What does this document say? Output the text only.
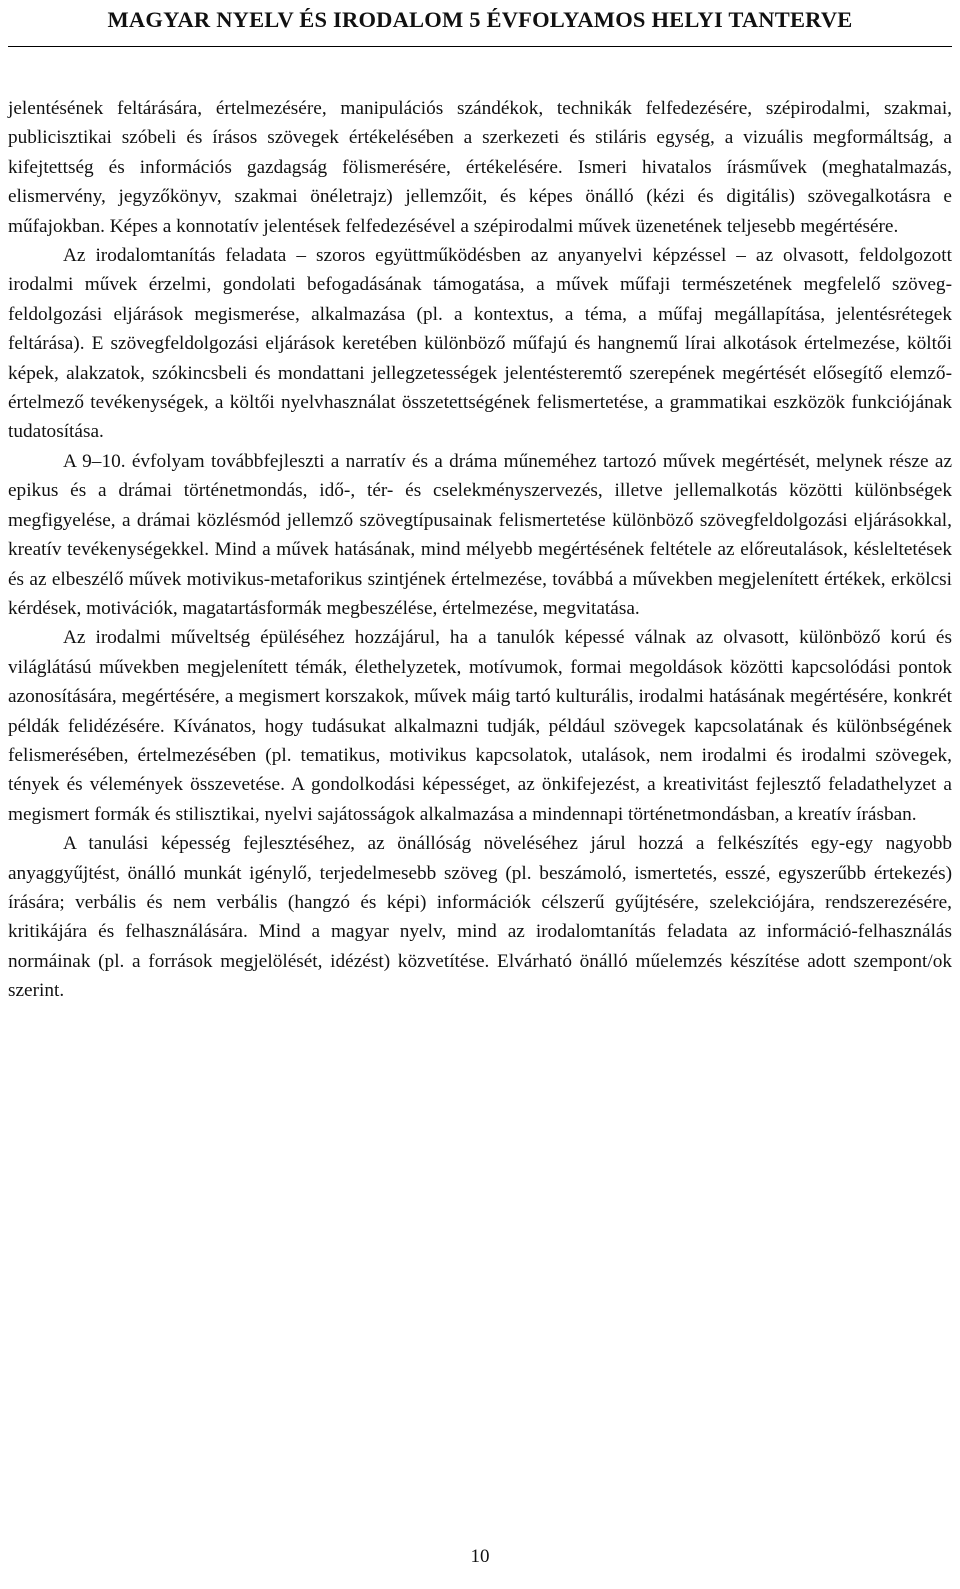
MAGYAR NYELV ÉS IRODALOM 5 ÉVFOLYAMOS HELYI TANTERVE

jelentésének feltárására, értelmezésére, manipulációs szándékok, technikák felfedezésére, szépirodalmi, szakmai, publicisztikai szóbeli és írásos szövegek értékelésében a szerkezeti és stiláris egység, a vizuális megformáltság, a kifejtettség és információs gazdagság fölismerésére, értékelésére. Ismeri hivatalos írásművek (meghatalmazás, elismervény, jegyzőkönyv, szakmai önéletrajz) jellemzőit, és képes önálló (kézi és digitális) szövegalkotásra e műfajokban. Képes a konnotatív jelentések felfedezésével a szépirodalmi művek üzenetének teljesebb megértésére.

Az irodalomtanítás feladata – szoros együttműködésben az anyanyelvi képzéssel – az olvasott, feldolgozott irodalmi művek érzelmi, gondolati befogadásának támogatása, a művek műfaji természetének megfelelő szöveg-feldolgozási eljárások megismerése, alkalmazása (pl. a kontextus, a téma, a műfaj megállapítása, jelentésrétegek feltárása). E szövegfeldolgozási eljárások keretében különböző műfajú és hangnemű lírai alkotások értelmezése, költői képek, alakzatok, szókincsbeli és mondattani jellegzetességek jelentésteremtő szerepének megértését elősegítő elemző-értelmező tevékenységek, a költői nyelvhasználat összetettségének felismertetése, a grammatikai eszközök funkciójának tudatosítása.

A 9–10. évfolyam továbbfejleszti a narratív és a dráma műneméhez tartozó művek megértését, melynek része az epikus és a drámai történetmondás, idő-, tér- és cselekményszervezés, illetve jellemalkotás közötti különbségek megfigyelése, a drámai közlésmód jellemző szövegtípusainak felismertetése különböző szövegfeldolgozási eljárásokkal, kreatív tevékenységekkel. Mind a művek hatásának, mind mélyebb megértésének feltétele az előreutalások, késleltetések és az elbeszélő művek motivikus-metaforikus szintjének értelmezése, továbbá a művekben megjelenített értékek, erkölcsi kérdések, motivációk, magatartásformák megbeszélése, értelmezése, megvitatása.

Az irodalmi műveltség épüléséhez hozzájárul, ha a tanulók képessé válnak az olvasott, különböző korú és világlátású művekben megjelenített témák, élethelyzetek, motívumok, formai megoldások közötti kapcsolódási pontok azonosítására, megértésére, a megismert korszakok, művek máig tartó kulturális, irodalmi hatásának megértésére, konkrét példák felidézésére. Kívánatos, hogy tudásukat alkalmazni tudják, például szövegek kapcsolatának és különbségének felismerésében, értelmezésében (pl. tematikus, motivikus kapcsolatok, utalások, nem irodalmi és irodalmi szövegek, tények és vélemények összevetése. A gondolkodási képességet, az önkifejezést, a kreativitást fejlesztő feladathelyzet a megismert formák és stilisztikai, nyelvi sajátosságok alkalmazása a mindennapi történetmondásban, a kreatív írásban.

A tanulási képesség fejlesztéséhez, az önállóság növeléséhez járul hozzá a felkészítés egy-egy nagyobb anyaggyűjtést, önálló munkát igénylő, terjedelmesebb szöveg (pl. beszámoló, ismertetés, esszé, egyszerűbb értekezés) írására; verbális és nem verbális (hangzó és képi) információk célszerű gyűjtésére, szelekciójára, rendszerezésére, kritikájára és felhasználására. Mind a magyar nyelv, mind az irodalomtanítás feladata az információ-felhasználás normáinak (pl. a források megjelölését, idézést) közvetítése. Elvárható önálló műelemzés készítése adott szempont/ok szerint.

10
